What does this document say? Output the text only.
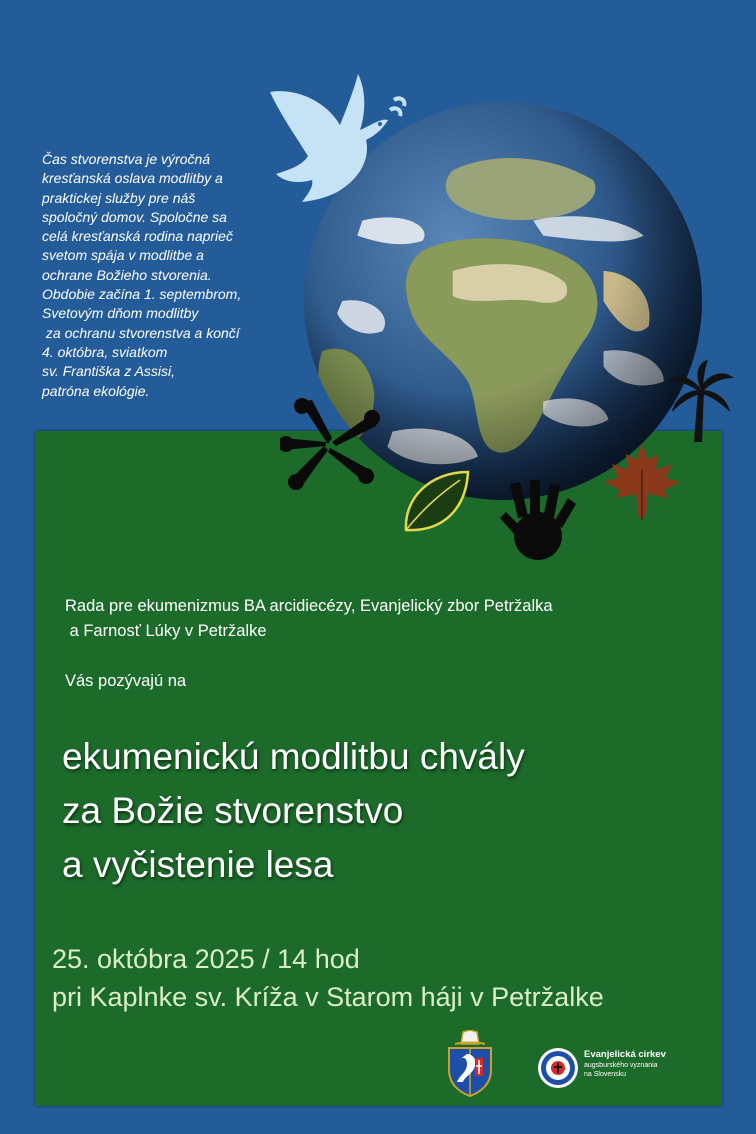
Čas stvorenstva je výročná
kresťanská oslava modlitby a
praktickej služby pre náš
spoločný domov. Spoločne sa
celá kresťanská rodina naprieč
svetom spája v modlitbe a
ochrane Božieho stvorenia.
Obdobie začína 1. septembrom,
Svetovým dňom modlitby
za ochranu stvorenstva a končí
4. októbra, sviatkom
sv. Františka z Assisi,
patróna ekológie.
Rada pre ekumenizmus BA arcidiecézy, Evanjelický zbor Petržalka
a Farnosť Lúky v Petržalke
Vás pozývajú na
ekumenickú modlitbu chvály
za Božie stvorenstvo
a vyčistenie lesa
25. októbra 2025 / 14 hod
pri Kaplnke sv. Kríža v Starom háji v Petržalke
Evanjelická cirkev
augsburského vyznania
na Slovensku
